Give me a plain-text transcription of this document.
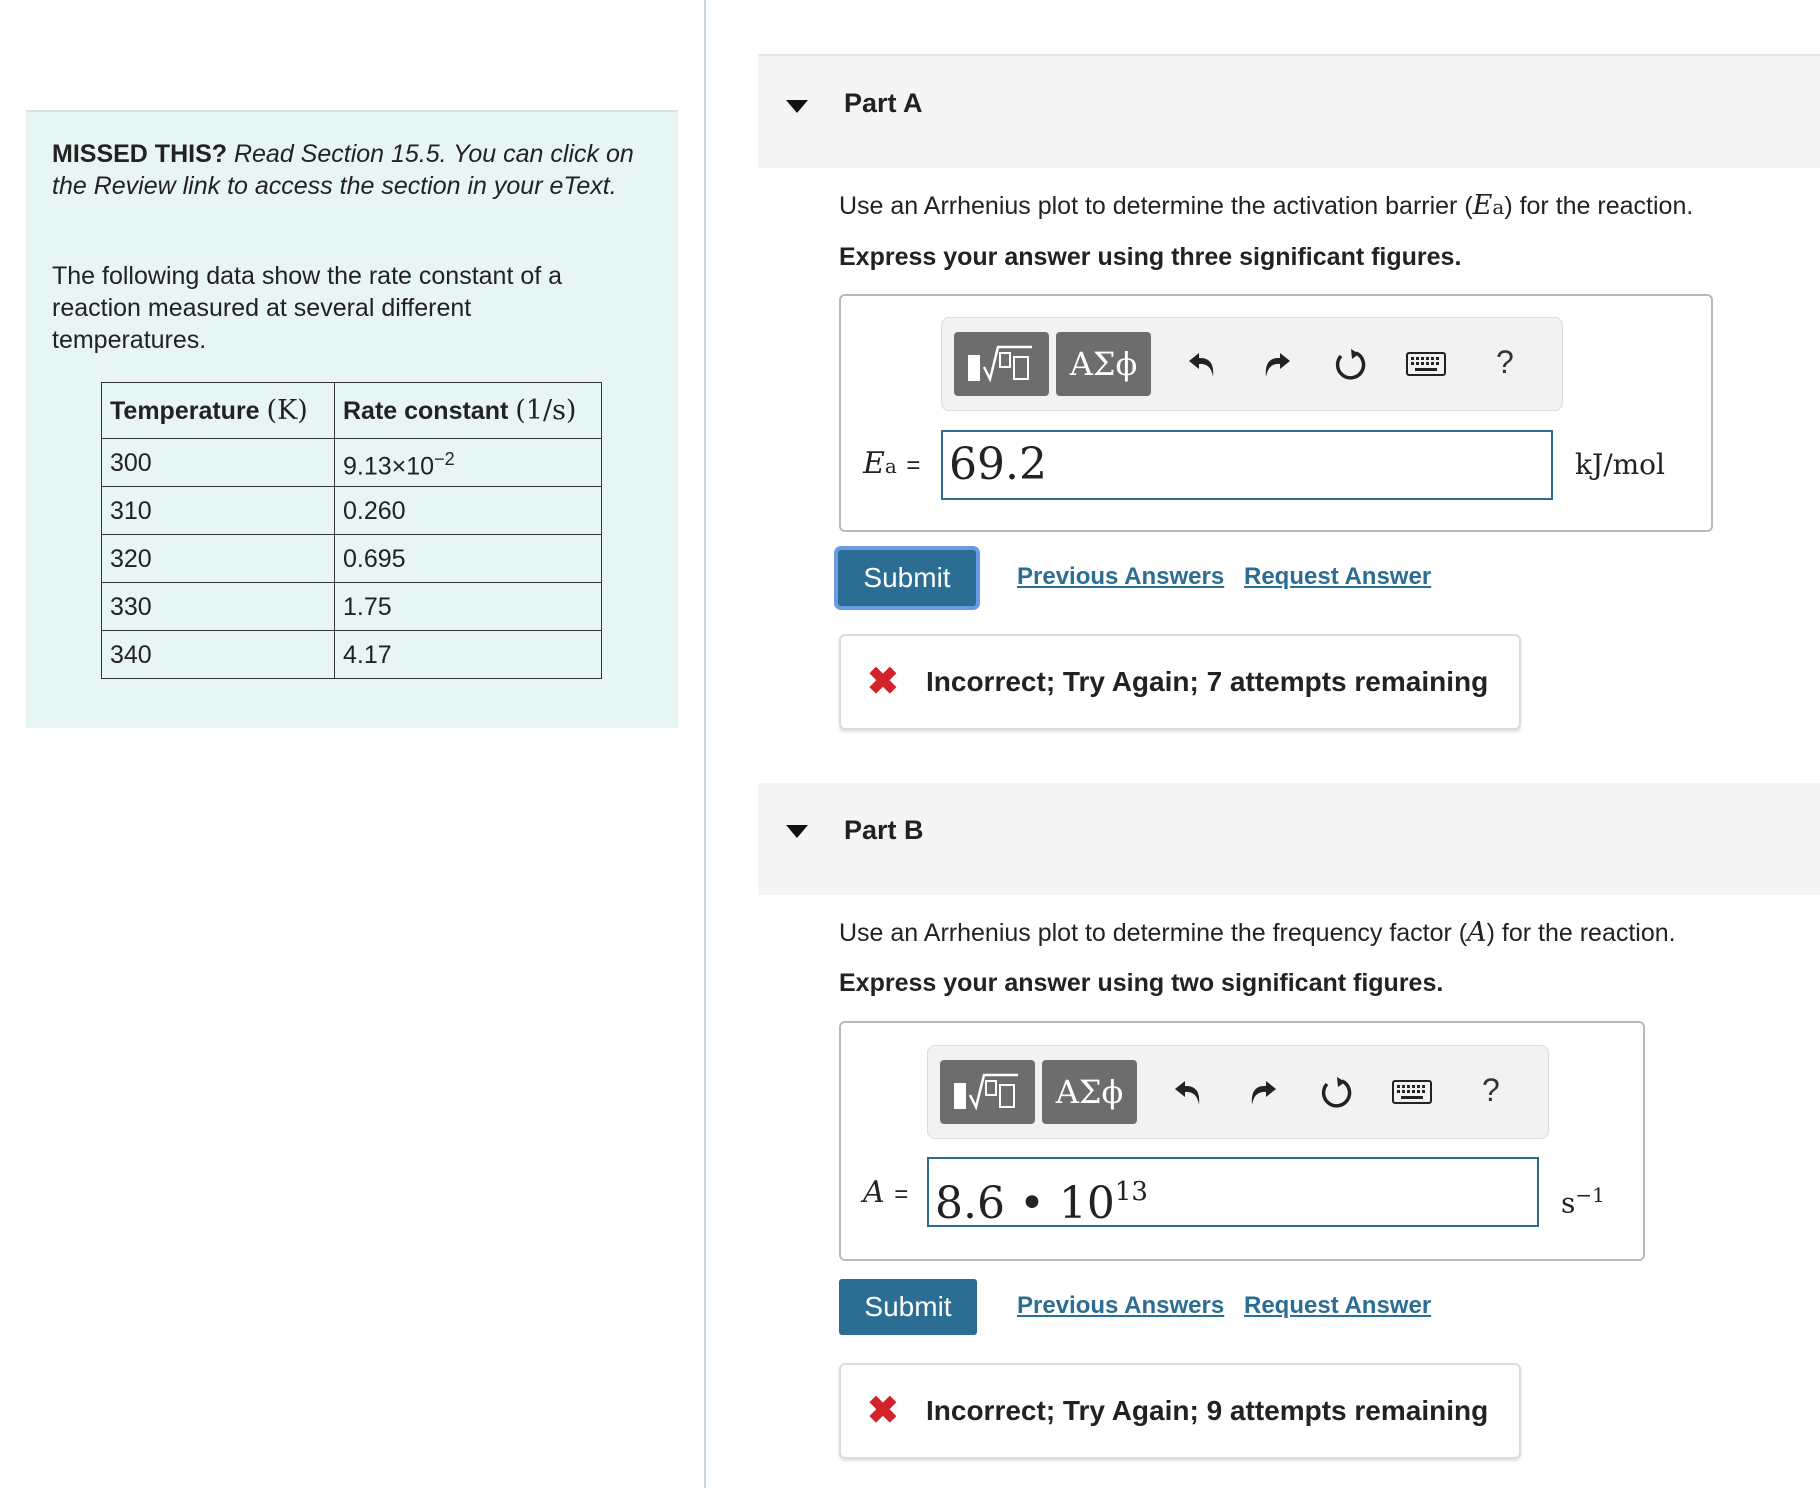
MISSED THIS? Read Section 15.5. You can click on the Review link to access the section in your eText.
The following data show the rate constant of a reaction measured at several different temperatures.
Temperature (K)	Rate constant (1/s)
300	$9.13\times 10^{-2}$
310	0.260
320	0.695
330	1.75
340	4.17
Part A
Use an Arrhenius plot to determine the activation barrier (Ea) for the reaction.
Express your answer using three significant figures.
ΑΣϕ	?
Ea = 69.2	kJ/mol
Submit	Previous Answers Request Answer
✖ Incorrect; Try Again; 7 attempts remaining
Part B
Use an Arrhenius plot to determine the frequency factor (A) for the reaction.
Express your answer using two significant figures.
ΑΣϕ	?
A = 8.6 • $10^{13}$	$s^{-1}$
Submit	Previous Answers Request Answer
✖ Incorrect; Try Again; 9 attempts remaining
